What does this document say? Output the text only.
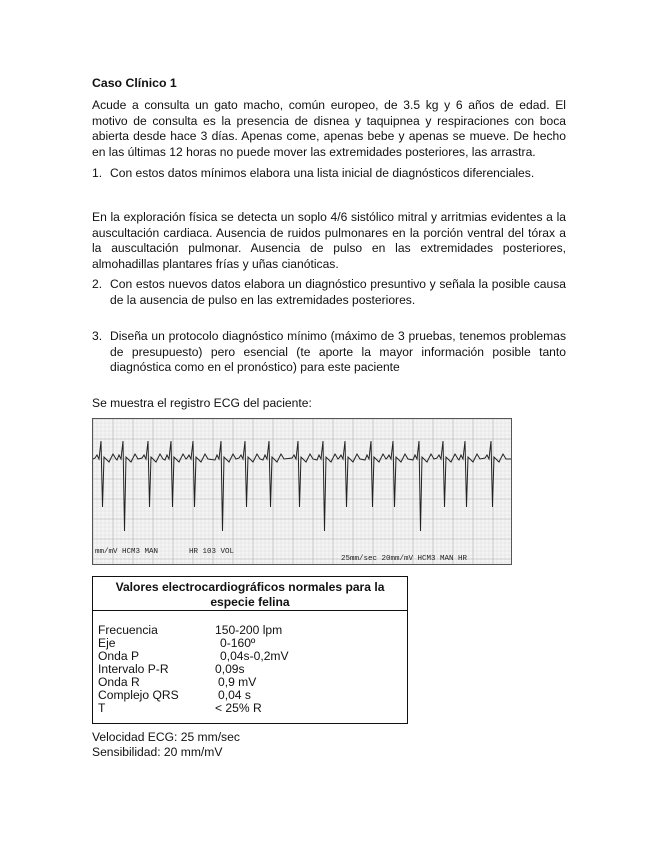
Caso Clínico 1

Acude a consulta un gato macho, común europeo, de 3.5 kg y 6 años de edad. El motivo de consulta es la presencia de disnea y taquipnea y respiraciones con boca abierta desde hace 3 días. Apenas come, apenas bebe y apenas se mueve. De hecho en las últimas 12 horas no puede mover las extremidades posteriores, las arrastra.

1. Con estos datos mínimos elabora una lista inicial de diagnósticos diferenciales.

En la exploración física se detecta un soplo 4/6 sistólico mitral y arritmias evidentes a la auscultación cardiaca. Ausencia de ruidos pulmonares en la porción ventral del tórax a la auscultación pulmonar. Ausencia de pulso en las extremidades posteriores, almohadillas plantares frías y uñas cianóticas.

2. Con estos nuevos datos elabora un diagnóstico presuntivo y señala la posible causa de la ausencia de pulso en las extremidades posteriores.

3. Diseña un protocolo diagnóstico mínimo (máximo de 3 pruebas, tenemos problemas de presupuesto) pero esencial (te aporte la mayor información posible tanto diagnóstica como en el pronóstico) para este paciente

Se muestra el registro ECG del paciente:
mm/mV HCM3 MAN	HR 103 VOL
25mm/sec 20mm/mV HCM3 MAN HR
Valores electrocardiográficos normales para la especie felina
Frecuencia	150-200 lpm
Eje	0-160º
Onda P	0,04s-0,2mV
Intervalo P-R	0,09s
Onda R	0,9 mV
Complejo QRS	0,04 s
T	< 25% R
Velocidad ECG: 25 mm/sec
Sensibilidad: 20 mm/mV
